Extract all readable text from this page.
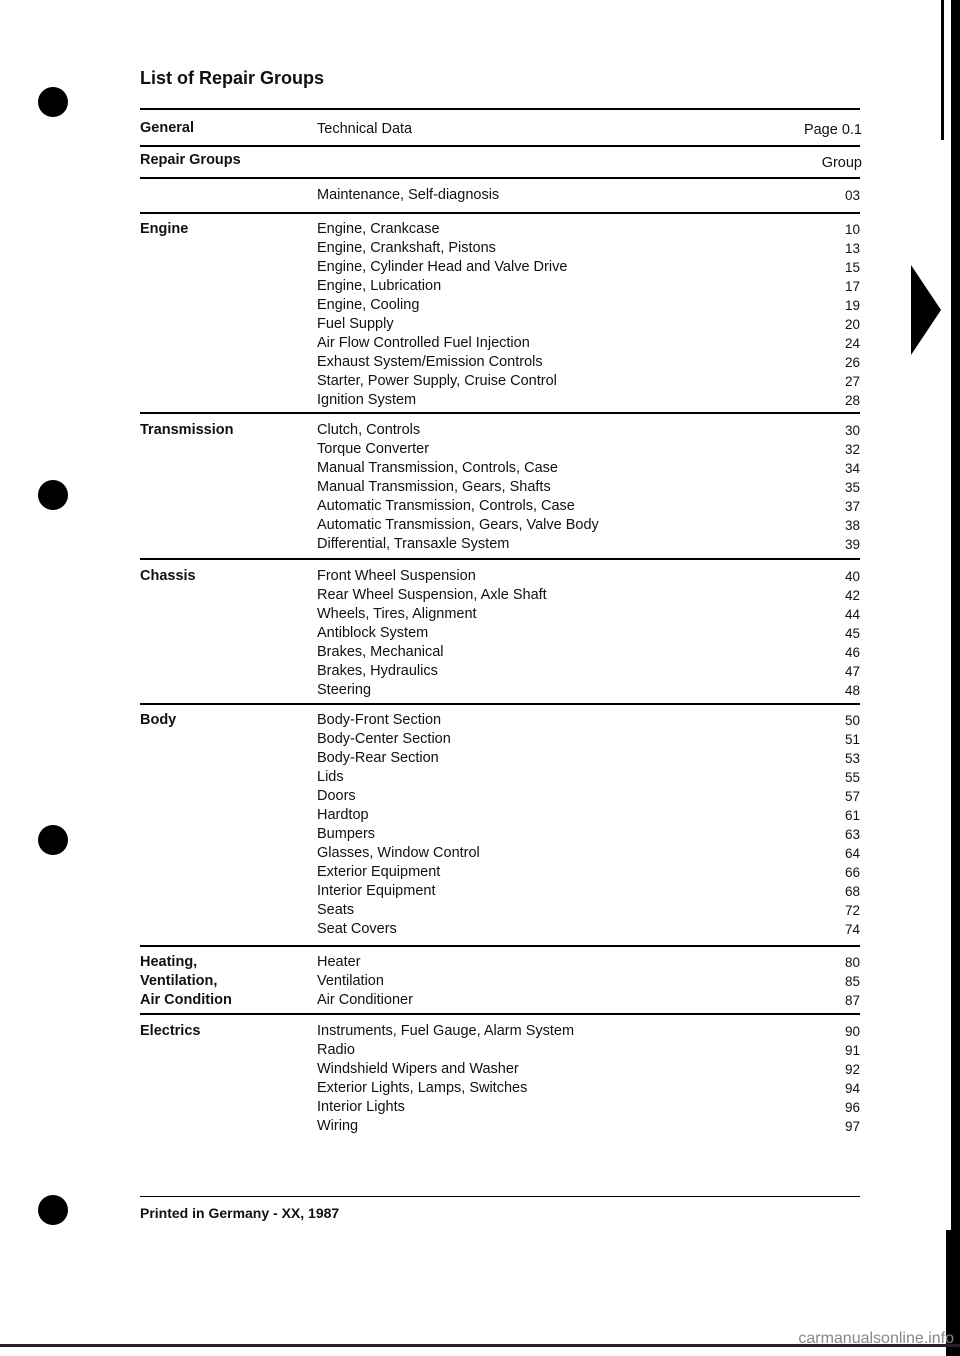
List of Repair Groups
General	Technical Data	Page 0.1
Repair Groups	Group
Maintenance, Self-diagnosis	03
Engine	Engine, Crankcase	10
Engine, Crankshaft, Pistons	13
Engine, Cylinder Head and Valve Drive	15
Engine, Lubrication	17
Engine, Cooling	19
Fuel Supply	20
Air Flow Controlled Fuel Injection	24
Exhaust System/Emission Controls	26
Starter, Power Supply, Cruise Control	27
Ignition System	28
Transmission	Clutch, Controls	30
Torque Converter	32
Manual Transmission, Controls, Case	34
Manual Transmission, Gears, Shafts	35
Automatic Transmission, Controls, Case	37
Automatic Transmission, Gears, Valve Body	38
Differential, Transaxle System	39
Chassis	Front Wheel Suspension	40
Rear Wheel Suspension, Axle Shaft	42
Wheels, Tires, Alignment	44
Antiblock System	45
Brakes, Mechanical	46
Brakes, Hydraulics	47
Steering	48
Body	Body-Front Section	50
Body-Center Section	51
Body-Rear Section	53
Lids	55
Doors	57
Hardtop	61
Bumpers	63
Glasses, Window Control	64
Exterior Equipment	66
Interior Equipment	68
Seats	72
Seat Covers	74
Heating,
Ventilation,
Air Condition
Heater	80
Ventilation	85
Air Conditioner	87
Electrics	Instruments, Fuel Gauge, Alarm System	90
Radio	91
Windshield Wipers and Washer	92
Exterior Lights, Lamps, Switches	94
Interior Lights	96
Wiring	97
Printed in Germany - XX, 1987
carmanualsonline.info
